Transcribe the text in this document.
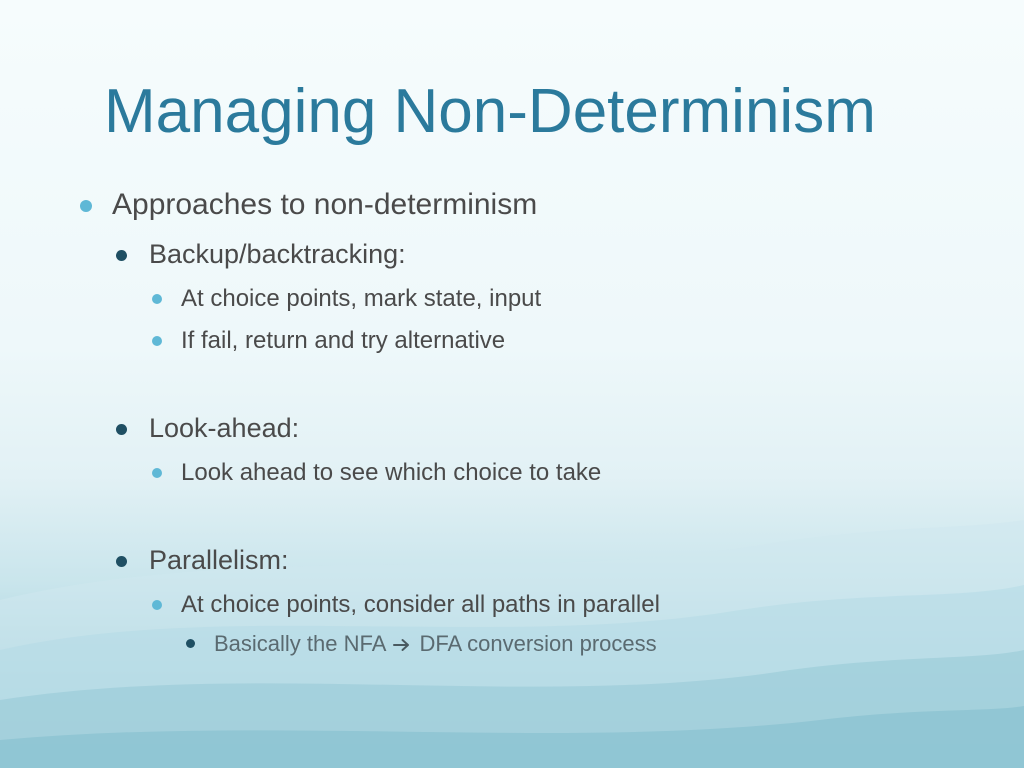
Managing Non-Determinism
Approaches to non-determinism
Backup/backtracking:
At choice points, mark state, input
If fail, return and try alternative
Look-ahead:
Look ahead to see which choice to take
Parallelism:
At choice points, consider all paths in parallel
Basically the NFA DFA conversion process
